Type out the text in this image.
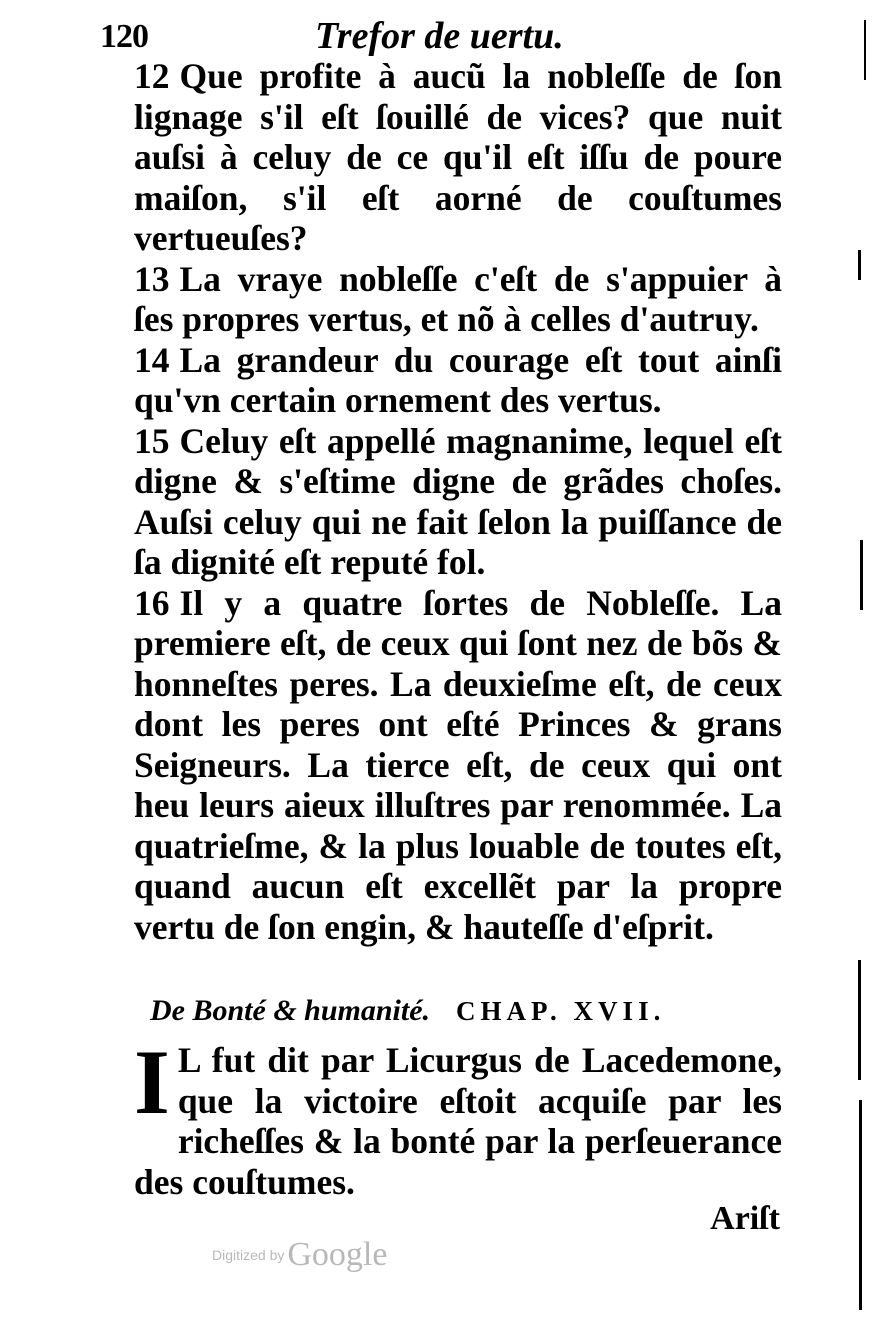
120	Trefor de uertu.

12 Que profite à aucũ la nobleſſe de ſon lignage s'il eſt ſouillé de vices? que nuit auſsi à celuy de ce qu'il eſt iſſu de poure maiſon, s'il eſt aorné de couſtumes vertueuſes?

13 La vraye nobleſſe c'eſt de s'appuier à ſes propres vertus, et nõ à celles d'autruy.

14 La grandeur du courage eſt tout ainſi qu'vn certain ornement des vertus.

15 Celuy eſt appellé magnanime, lequel eſt digne & s'eſtime digne de grãdes choſes. Auſsi celuy qui ne fait ſelon la puiſſance de ſa dignité eſt reputé fol.

16 Il y a quatre ſortes de Nobleſſe. La premiere eſt, de ceux qui ſont nez de bõs & honneſtes peres. La deuxieſme eſt, de ceux dont les peres ont eſté Princes & grans Seigneurs. La tierce eſt, de ceux qui ont heu leurs aieux illuſtres par renommée. La quatrieſme, & la plus louable de toutes eſt, quand aucun eſt excellẽt par la propre vertu de ſon engin, & hauteſſe d'eſprit.

De Bonté & humanité. CHAP. XVII.
I L fut dit par Licurgus de Lacedemone, que la victoire eſtoit acquiſe par les richeſſes & la bonté par la perſeuerance des couſtumes.
Ariſt
Digitized byGoogle
